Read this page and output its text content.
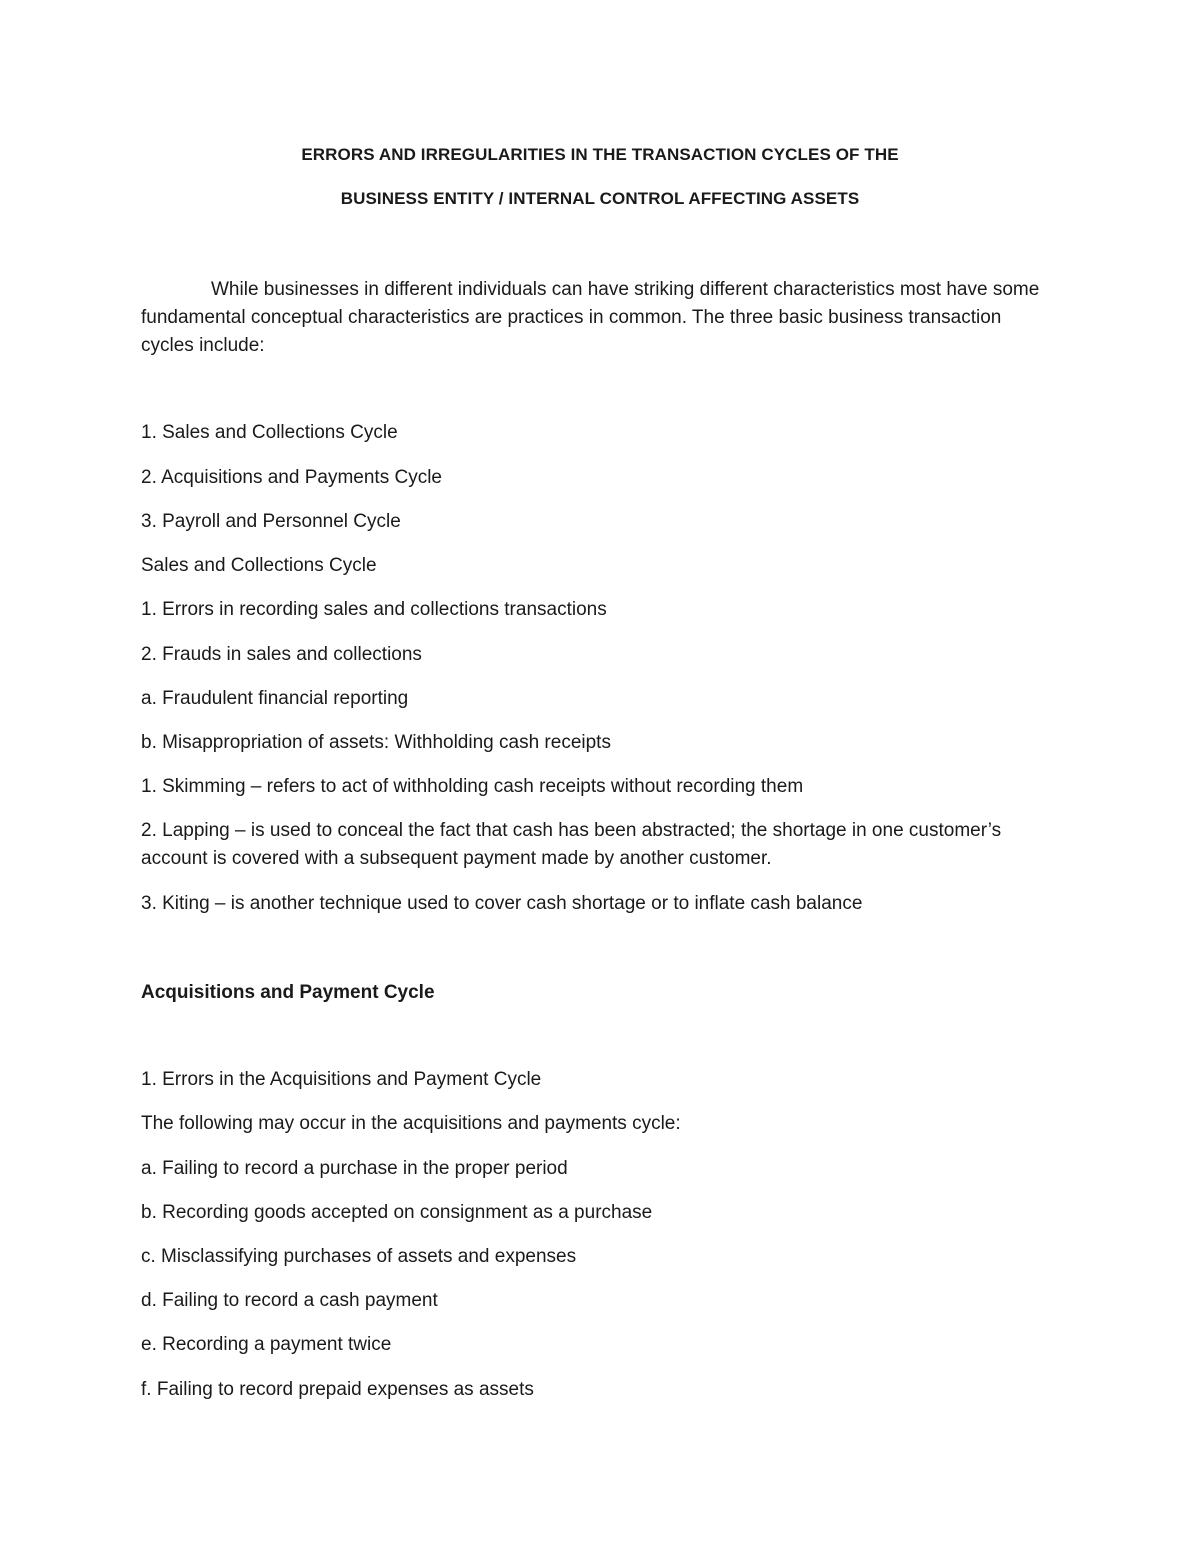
ERRORS AND IRREGULARITIES IN THE TRANSACTION CYCLES OF THE
BUSINESS ENTITY / INTERNAL CONTROL AFFECTING ASSETS

While businesses in different individuals can have striking different characteristics most have some fundamental conceptual characteristics are practices in common. The three basic business transaction cycles include:

1. Sales and Collections Cycle

2. Acquisitions and Payments Cycle

3. Payroll and Personnel Cycle

Sales and Collections Cycle

1. Errors in recording sales and collections transactions

2. Frauds in sales and collections

a. Fraudulent financial reporting

b. Misappropriation of assets: Withholding cash receipts

1. Skimming – refers to act of withholding cash receipts without recording them

2. Lapping – is used to conceal the fact that cash has been abstracted; the shortage in one customer’s account is covered with a subsequent payment made by another customer.

3. Kiting – is another technique used to cover cash shortage or to inflate cash balance

Acquisitions and Payment Cycle

1. Errors in the Acquisitions and Payment Cycle

The following may occur in the acquisitions and payments cycle:

a. Failing to record a purchase in the proper period

b. Recording goods accepted on consignment as a purchase

c. Misclassifying purchases of assets and expenses

d. Failing to record a cash payment

e. Recording a payment twice

f. Failing to record prepaid expenses as assets
